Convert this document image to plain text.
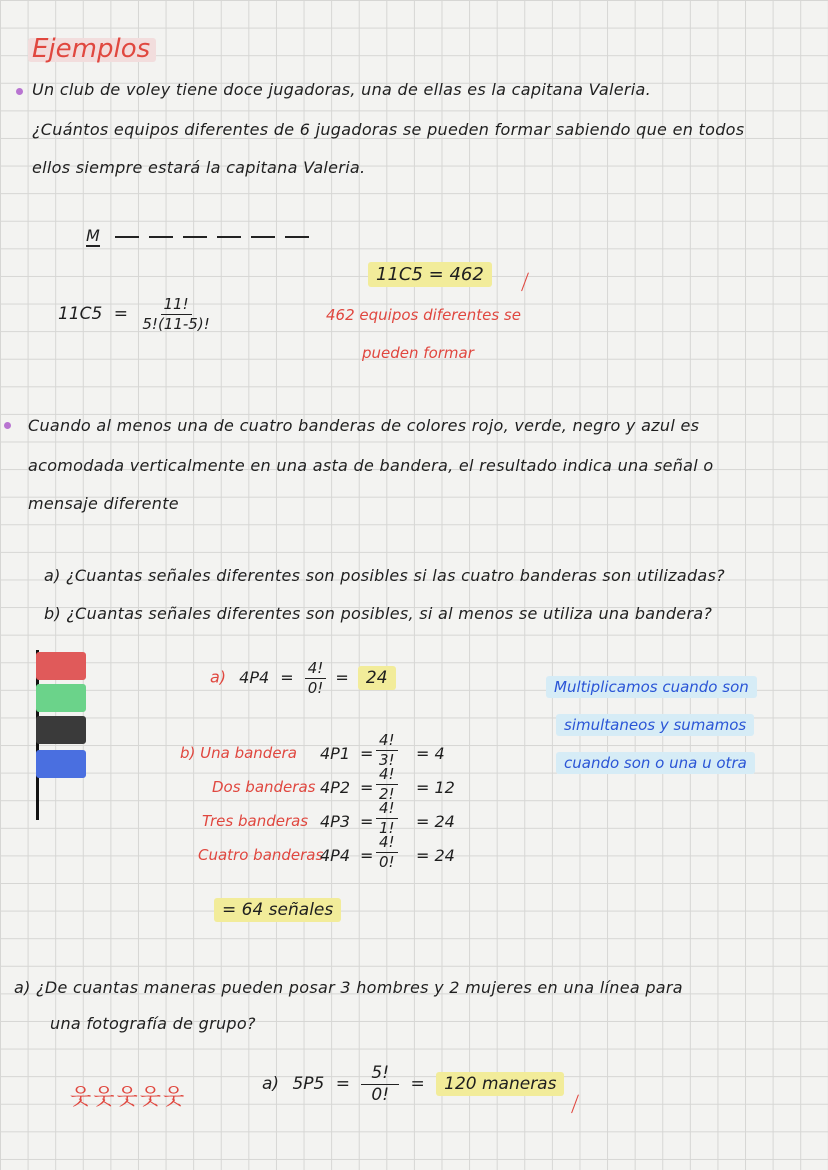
Ejemplos
Un club de voley tiene doce jugadoras, una de ellas es la capitana Valeria.
¿Cuántos equipos diferentes de 6 jugadoras se pueden formar sabiendo que en todos
ellos siempre estará la capitana Valeria.
M
$11C5 = \frac{11!}{5!(11-5)!}$
11C5 = 462	⟋
462 equipos diferentes se
pueden formar
Cuando al menos una de cuatro banderas de colores rojo, verde, negro y azul es
acomodada verticalmente en una asta de bandera, el resultado indica una señal o
mensaje diferente
a) ¿Cuantas señales diferentes son posibles si las cuatro banderas son utilizadas?
b) ¿Cuantas señales diferentes son posibles, si al menos se utiliza una bandera?
a) $4P4 = \frac{4!}{0!} = 24$
b) Una bandera $4P1 = \frac{4!}{3!} = 4$
Dos banderas $4P2 = \frac{4!}{2!} = 12$
Tres banderas $4P3 = \frac{4!}{1!} = 24$
Cuatro banderas
$4P4 = \frac{4!}{0!} = 24$
= 64 señales
Multiplicamos cuando son
simultaneos y sumamos
cuando son o una u otra
a) ¿De cuantas maneras pueden posar 3 hombres y 2 mujeres en una línea para
una fotografía de grupo?
웃웃웃웃웃
a) $5P5 = \frac{5!}{0!} = 120$ maneras
⟋
